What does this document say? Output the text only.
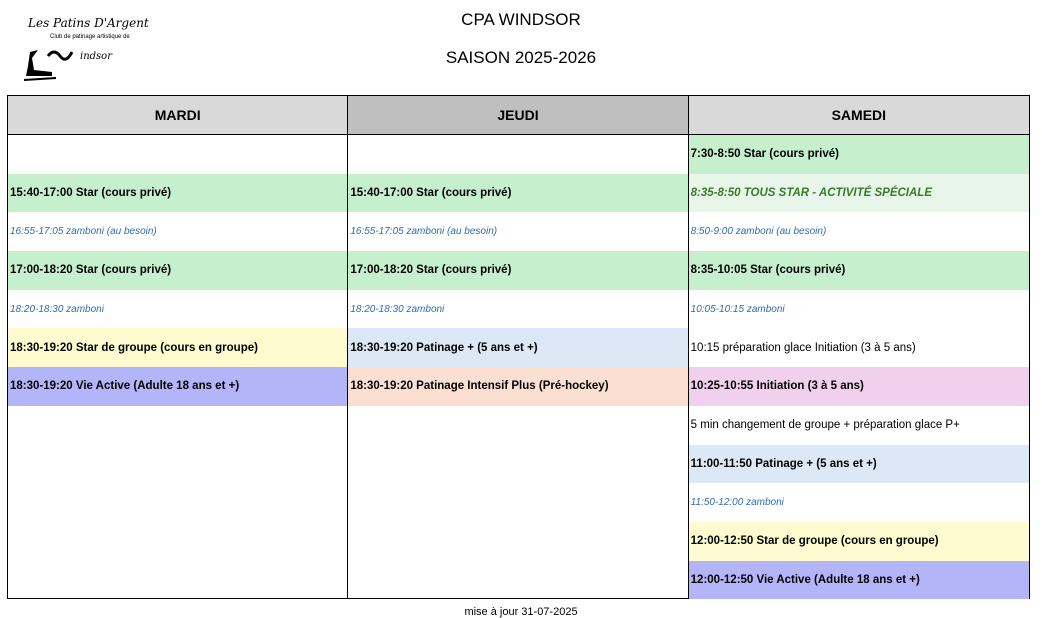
Les Patins D'Argent
Club de patinage artistique de
indsor
CPA WINDSOR
SAISON 2025-2026
MARDI
15:40-17:00 Star (cours privé)
16:55-17:05 zamboni (au besoin)
17:00-18:20 Star (cours privé)
18:20-18:30 zamboni
18:30-19:20 Star de groupe (cours en groupe)
18:30-19:20 Vie Active (Adulte 18 ans et +)
JEUDI
15:40-17:00 Star (cours privé)
16:55-17:05 zamboni (au besoin)
17:00-18:20 Star (cours privé)
18:20-18:30 zamboni
18:30-19:20 Patinage + (5 ans et +)
18:30-19:20 Patinage Intensif Plus (Pré-hockey)
SAMEDI
7:30-8:50 Star (cours privé)
8:35-8:50 TOUS STAR - ACTIVITÉ SPÉCIALE
8:50-9:00 zamboni (au besoin)
8:35-10:05 Star (cours privé)
10:05-10:15 zamboni
10:15 préparation glace Initiation (3 à 5 ans)
10:25-10:55 Initiation (3 à 5 ans)
5 min changement de groupe + préparation glace P+
11:00-11:50 Patinage + (5 ans et +)
11:50-12:00 zamboni
12:00-12:50 Star de groupe (cours en groupe)
12:00-12:50 Vie Active (Adulte 18 ans et +)
mise à jour 31-07-2025
